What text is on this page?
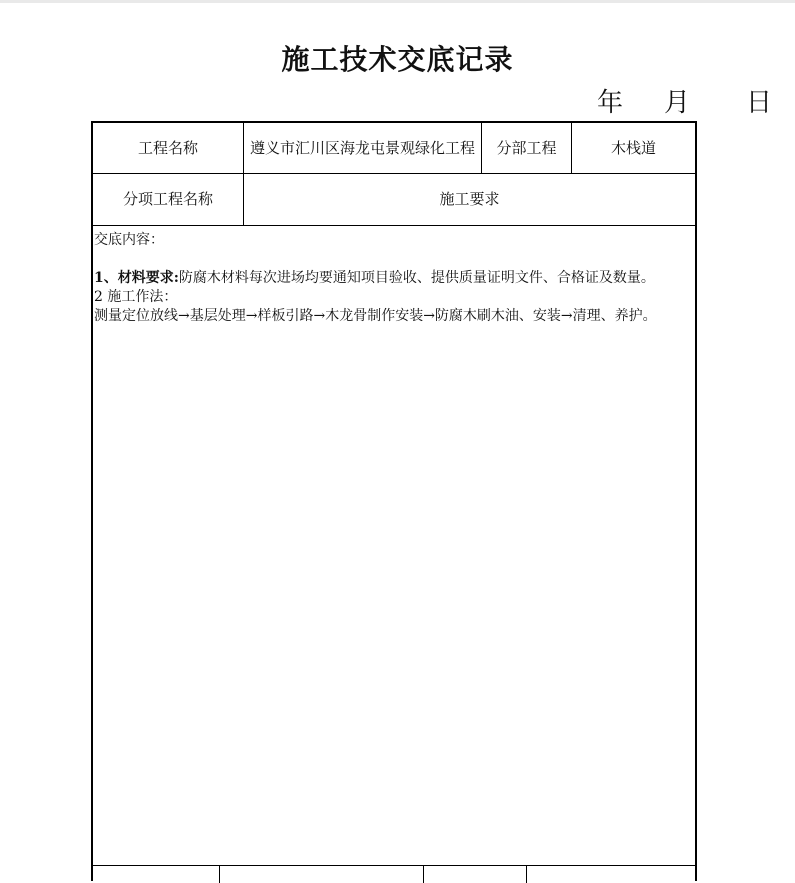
施工技术交底记录
年 月 日
工程名称	遵义市汇川区海龙屯景观绿化工程	分部工程	木栈道
分项工程名称	施工要求

交底内容：

1、材料要求:防腐木材料每次进场均要通知项目验收、提供质量证明文件、合格证及数量。

2 施工作法：

测量定位放线→基层处理→样板引路→木龙骨制作安装→防腐木刷木油、安装→清理、养护。
